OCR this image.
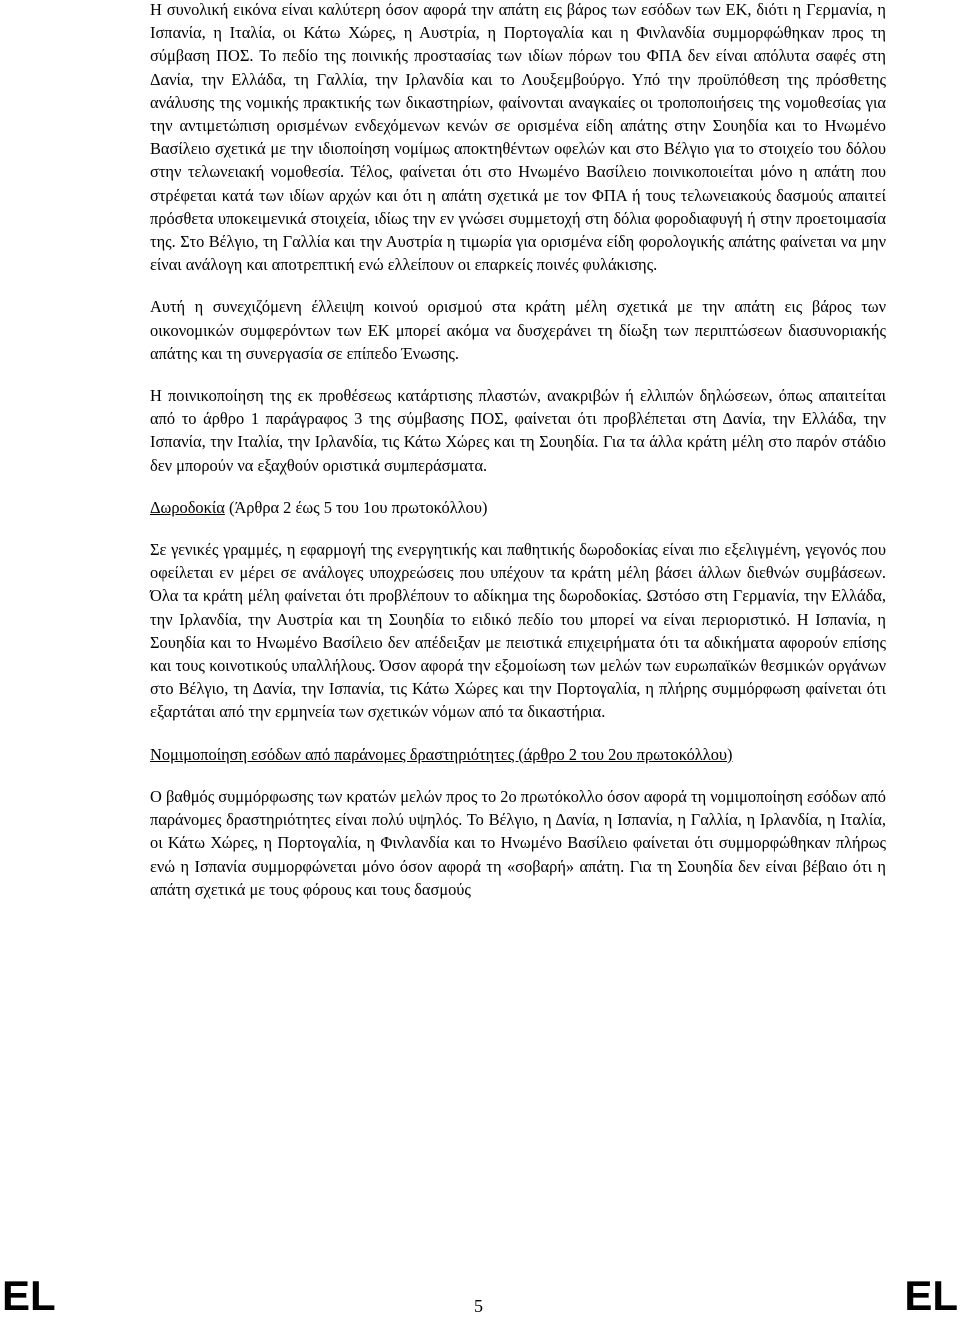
Η συνολική εικόνα είναι καλύτερη όσον αφορά την απάτη εις βάρος των εσόδων των ΕΚ, διότι η Γερμανία, η Ισπανία, η Ιταλία, οι Κάτω Χώρες, η Αυστρία, η Πορτογαλία και η Φινλανδία συμμορφώθηκαν προς τη σύμβαση ΠΟΣ. Το πεδίο της ποινικής προστασίας των ιδίων πόρων του ΦΠΑ δεν είναι απόλυτα σαφές στη Δανία, την Ελλάδα, τη Γαλλία, την Ιρλανδία και το Λουξεμβούργο. Υπό την προϋπόθεση της πρόσθετης ανάλυσης της νομικής πρακτικής των δικαστηρίων, φαίνονται αναγκαίες οι τροποποιήσεις της νομοθεσίας για την αντιμετώπιση ορισμένων ενδεχόμενων κενών σε ορισμένα είδη απάτης στην Σουηδία και το Ηνωμένο Βασίλειο σχετικά με την ιδιοποίηση νομίμως αποκτηθέντων οφελών και στο Βέλγιο για το στοιχείο του δόλου στην τελωνειακή νομοθεσία. Τέλος, φαίνεται ότι στο Ηνωμένο Βασίλειο ποινικοποιείται μόνο η απάτη που στρέφεται κατά των ιδίων αρχών και ότι η απάτη σχετικά με τον ΦΠΑ ή τους τελωνειακούς δασμούς απαιτεί πρόσθετα υποκειμενικά στοιχεία, ιδίως την εν γνώσει συμμετοχή στη δόλια φοροδιαφυγή ή στην προετοιμασία της. Στο Βέλγιο, τη Γαλλία και την Αυστρία η τιμωρία για ορισμένα είδη φορολογικής απάτης φαίνεται να μην είναι ανάλογη και αποτρεπτική ενώ ελλείπουν οι επαρκείς ποινές φυλάκισης.

Αυτή η συνεχιζόμενη έλλειψη κοινού ορισμού στα κράτη μέλη σχετικά με την απάτη εις βάρος των οικονομικών συμφερόντων των ΕΚ μπορεί ακόμα να δυσχεράνει τη δίωξη των περιπτώσεων διασυνοριακής απάτης και τη συνεργασία σε επίπεδο Ένωσης.

Η ποινικοποίηση της εκ προθέσεως κατάρτισης πλαστών, ανακριβών ή ελλιπών δηλώσεων, όπως απαιτείται από το άρθρο 1 παράγραφος 3 της σύμβασης ΠΟΣ, φαίνεται ότι προβλέπεται στη Δανία, την Ελλάδα, την Ισπανία, την Ιταλία, την Ιρλανδία, τις Κάτω Χώρες και τη Σουηδία. Για τα άλλα κράτη μέλη στο παρόν στάδιο δεν μπορούν να εξαχθούν οριστικά συμπεράσματα.

Δωροδοκία (Άρθρα 2 έως 5 του 1ου πρωτοκόλλου)

Σε γενικές γραμμές, η εφαρμογή της ενεργητικής και παθητικής δωροδοκίας είναι πιο εξελιγμένη, γεγονός που οφείλεται εν μέρει σε ανάλογες υποχρεώσεις που υπέχουν τα κράτη μέλη βάσει άλλων διεθνών συμβάσεων. Όλα τα κράτη μέλη φαίνεται ότι προβλέπουν το αδίκημα της δωροδοκίας. Ωστόσο στη Γερμανία, την Ελλάδα, την Ιρλανδία, την Αυστρία και τη Σουηδία το ειδικό πεδίο του μπορεί να είναι περιοριστικό. Η Ισπανία, η Σουηδία και το Ηνωμένο Βασίλειο δεν απέδειξαν με πειστικά επιχειρήματα ότι τα αδικήματα αφορούν επίσης και τους κοινοτικούς υπαλλήλους. Όσον αφορά την εξομοίωση των μελών των ευρωπαϊκών θεσμικών οργάνων στο Βέλγιο, τη Δανία, την Ισπανία, τις Κάτω Χώρες και την Πορτογαλία, η πλήρης συμμόρφωση φαίνεται ότι εξαρτάται από την ερμηνεία των σχετικών νόμων από τα δικαστήρια.

Νομιμοποίηση εσόδων από παράνομες δραστηριότητες (άρθρο 2 του 2ου πρωτοκόλλου)

Ο βαθμός συμμόρφωσης των κρατών μελών προς τo 2o πρωτόκολλο όσον αφορά τη νομιμοποίηση εσόδων από παράνομες δραστηριότητες είναι πολύ υψηλός. Το Βέλγιο, η Δανία, η Ισπανία, η Γαλλία, η Ιρλανδία, η Ιταλία, οι Κάτω Χώρες, η Πορτογαλία, η Φινλανδία και το Ηνωμένο Βασίλειο φαίνεται ότι συμμορφώθηκαν πλήρως ενώ η Ισπανία συμμορφώνεται μόνο όσον αφορά τη «σοβαρή» απάτη. Για τη Σουηδία δεν είναι βέβαιο ότι η απάτη σχετικά με τους φόρους και τους δασμούς

EL	5	EL
